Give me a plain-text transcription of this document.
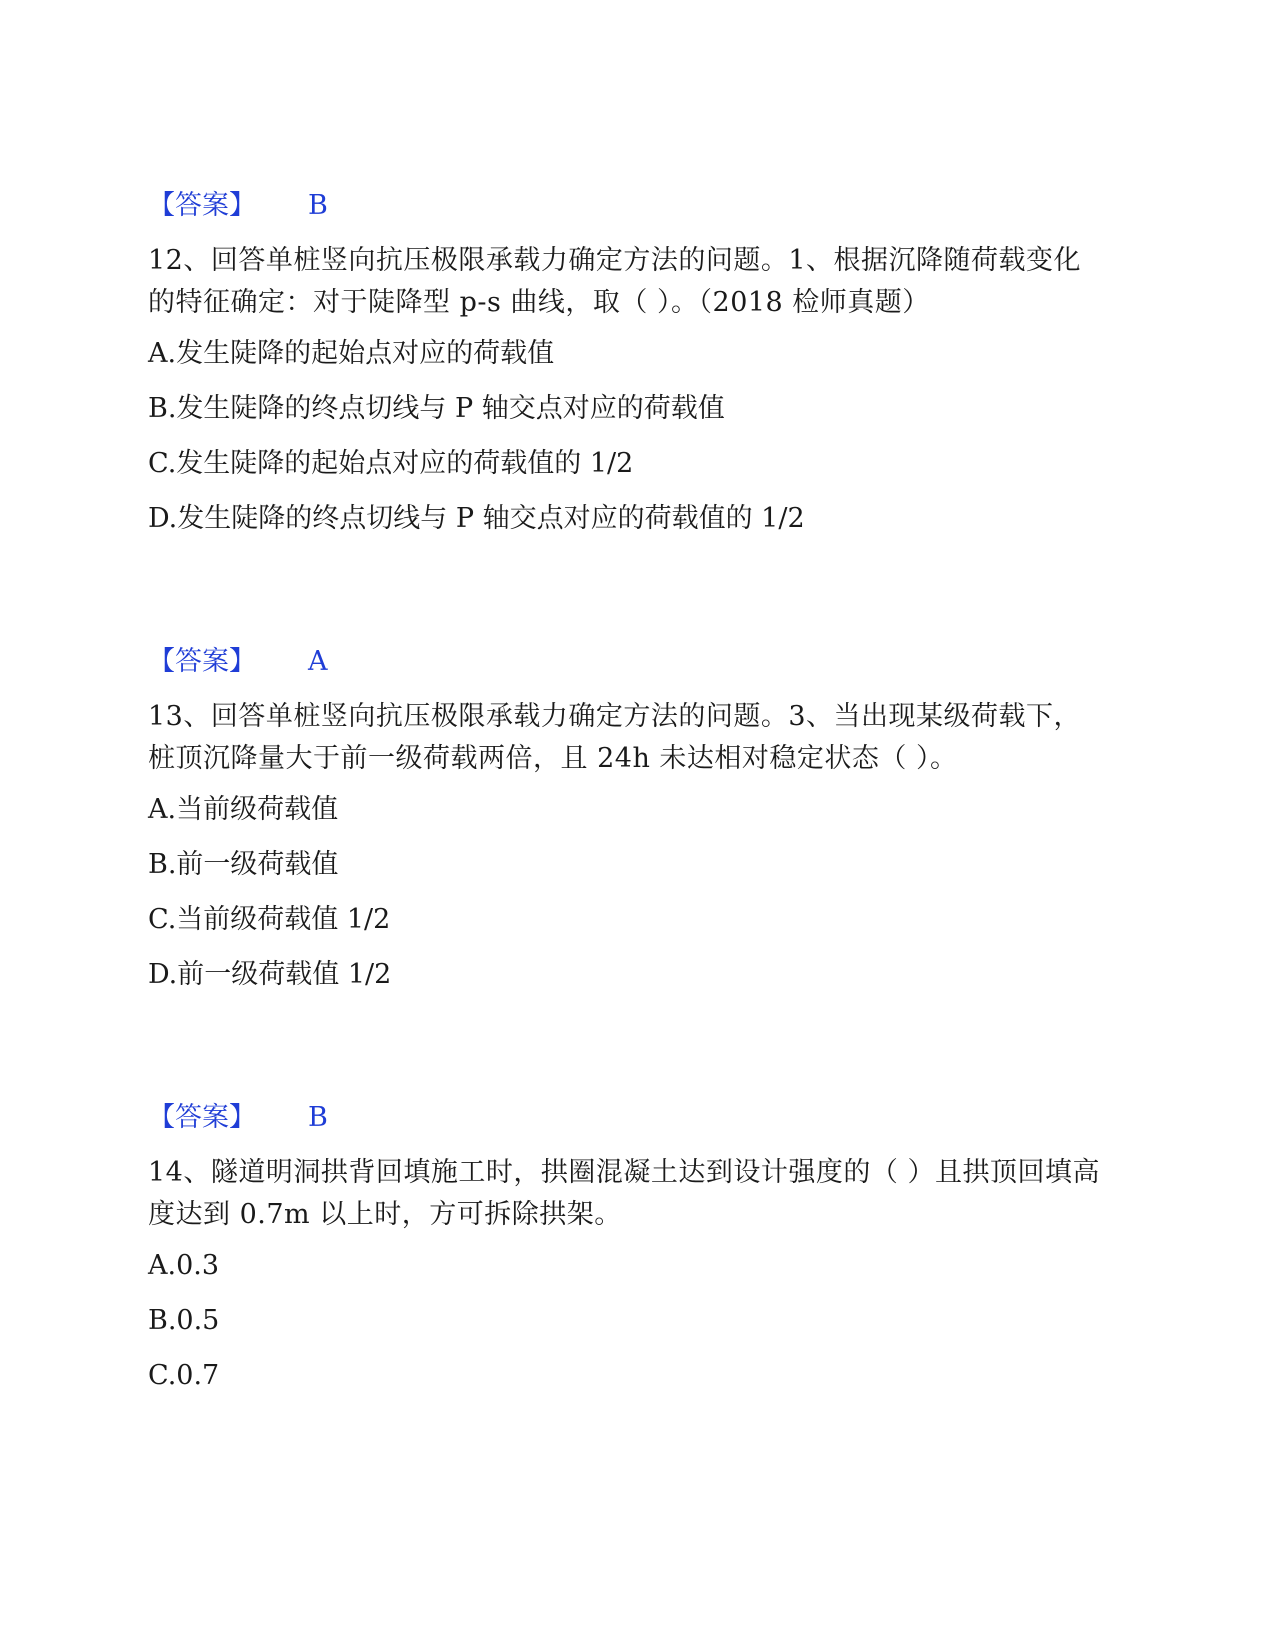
【答案】 B
12、回答单桩竖向抗压极限承载力确定方法的问题。1、根据沉降随荷载变化的特征确定：对于陡降型 p-s 曲线，取（ ）。（2018 检师真题）
A.发生陡降的起始点对应的荷载值
B.发生陡降的终点切线与 P 轴交点对应的荷载值
C.发生陡降的起始点对应的荷载值的 1/2
D.发生陡降的终点切线与 P 轴交点对应的荷载值的 1/2
【答案】 A
13、回答单桩竖向抗压极限承载力确定方法的问题。3、当出现某级荷载下，桩顶沉降量大于前一级荷载两倍，且 24h 未达相对稳定状态（ ）。
A.当前级荷载值
B.前一级荷载值
C.当前级荷载值 1/2
D.前一级荷载值 1/2
【答案】 B
14、隧道明洞拱背回填施工时，拱圈混凝土达到设计强度的（ ）且拱顶回填高度达到 0.7m 以上时，方可拆除拱架。
A.0.3
B.0.5
C.0.7
